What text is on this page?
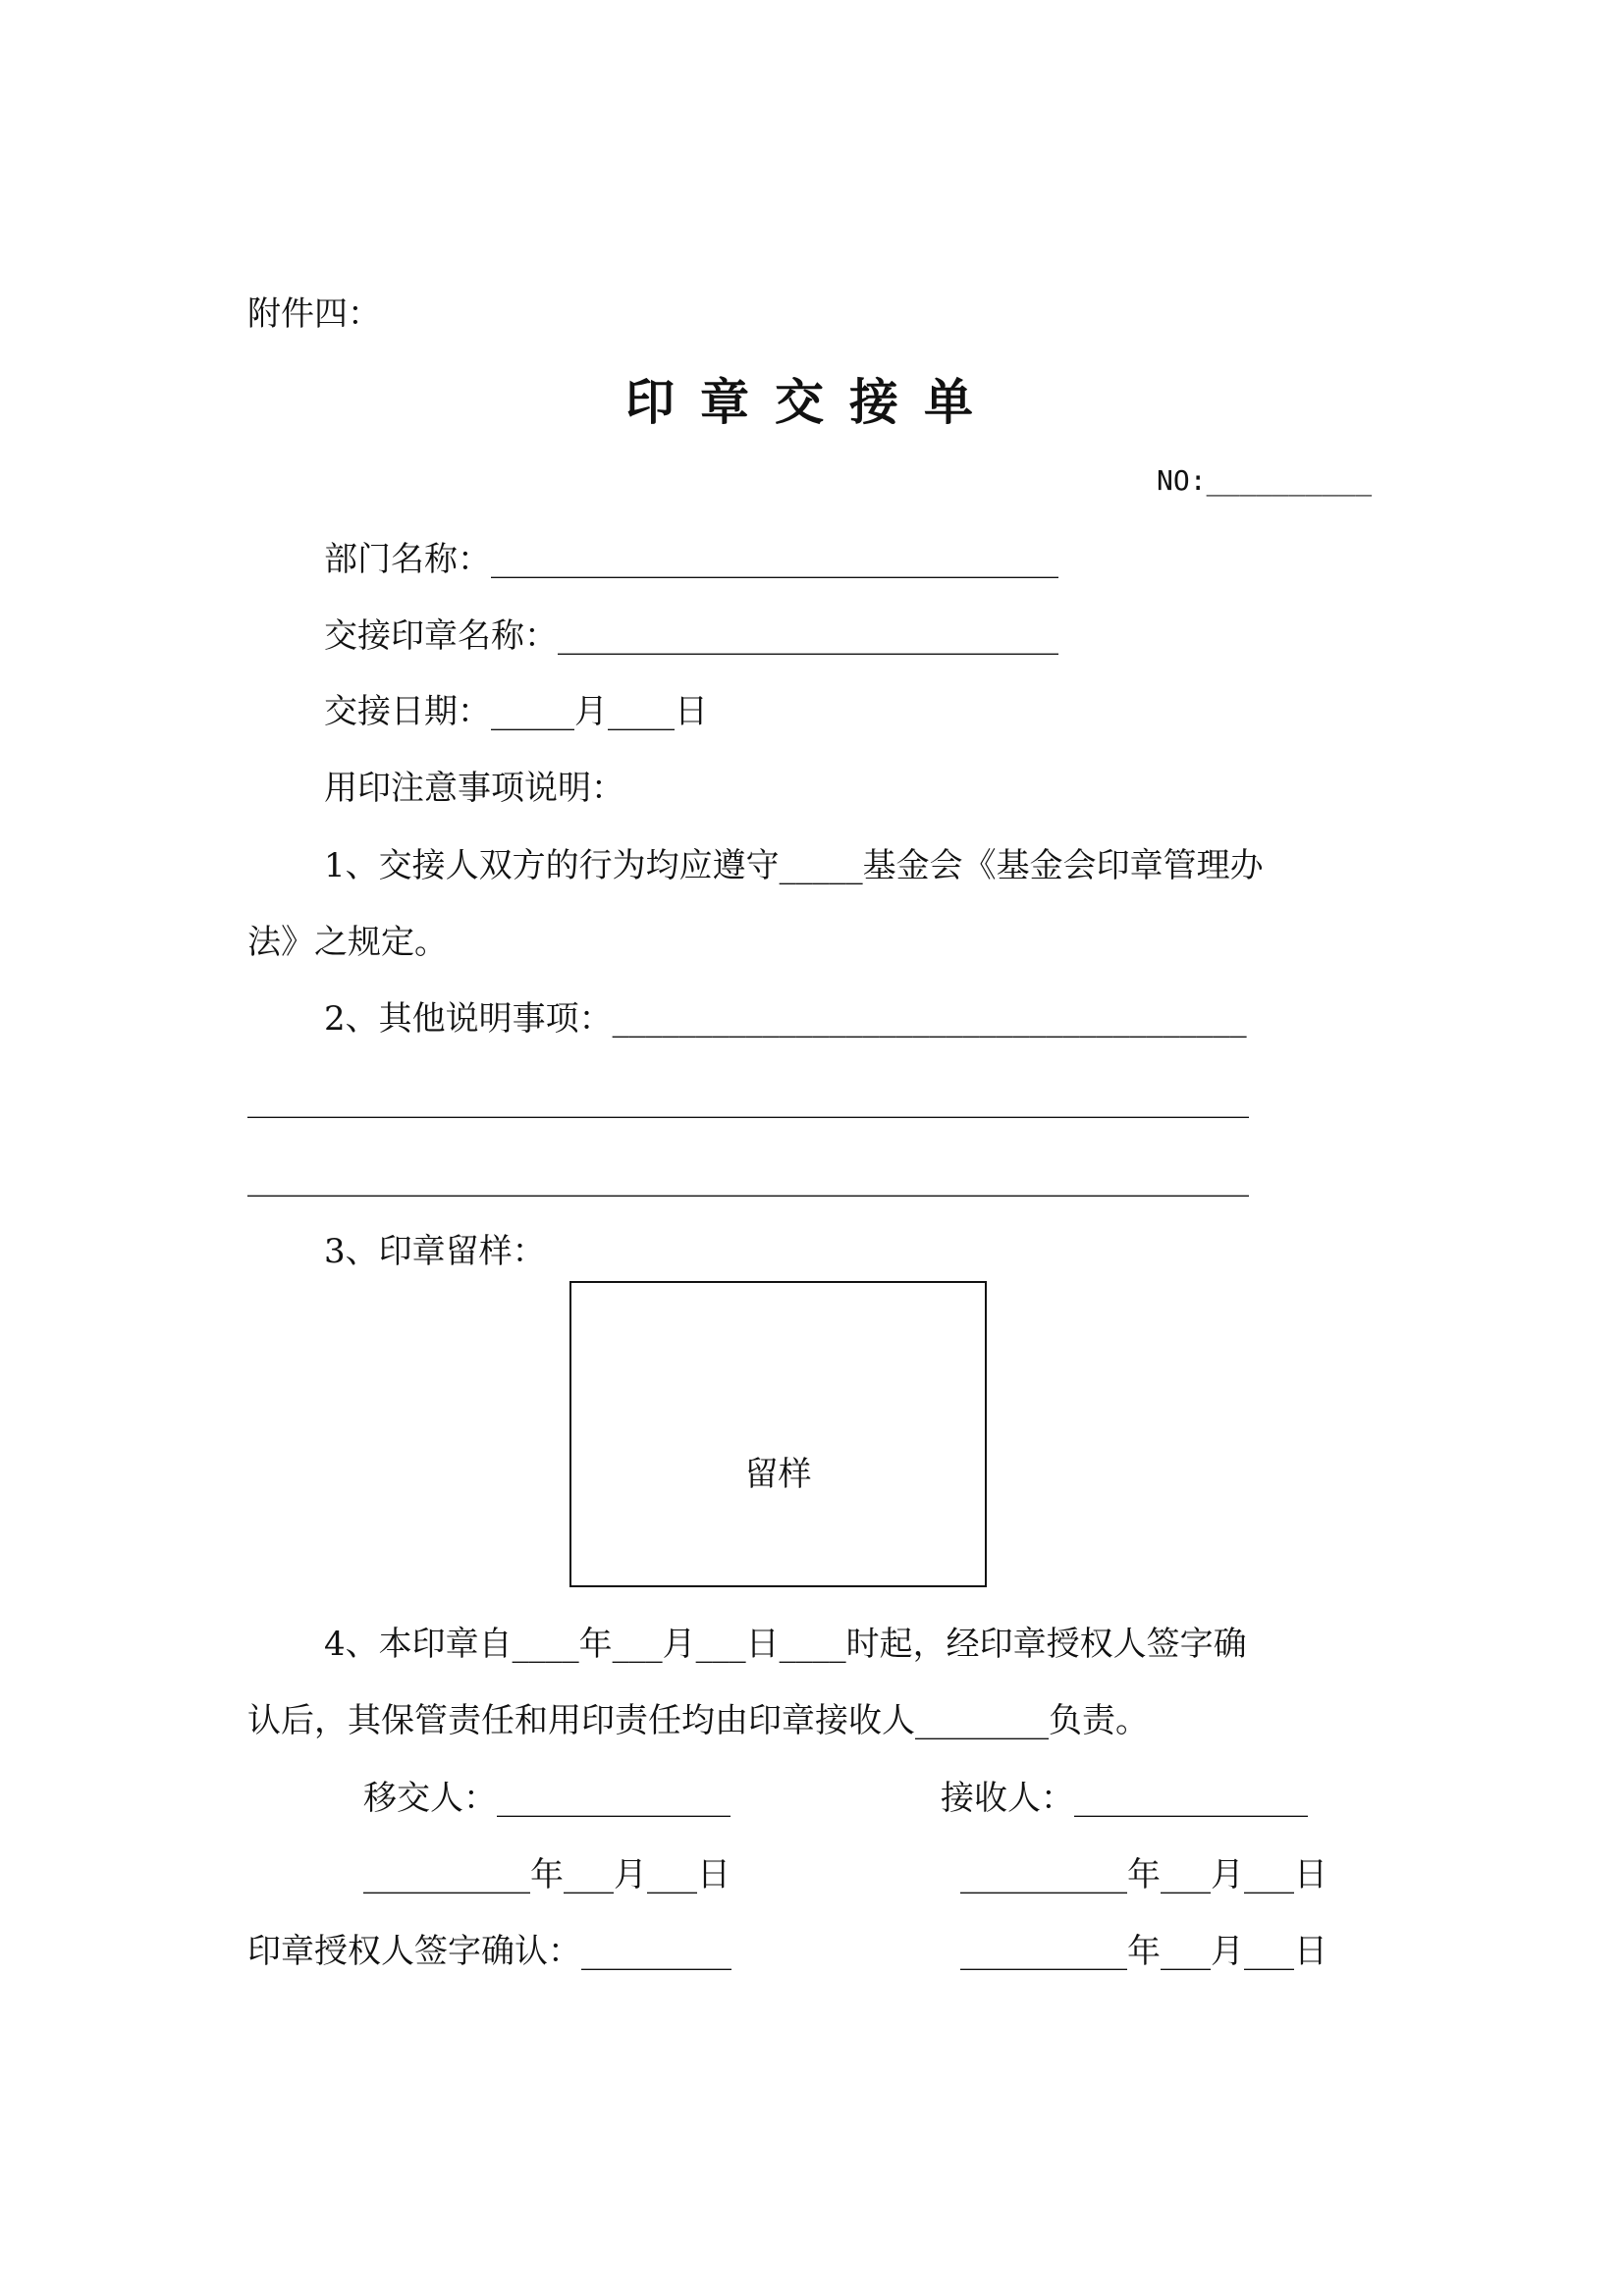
附件四：
印章交接单
NO:__________
部门名称：__________________________________
交接印章名称：______________________________
交接日期：_____月____日
用印注意事项说明：
1、交接人双方的行为均应遵守_____基金会《基金会印章管理办
法》之规定。
2、其他说明事项：______________________________________
____________________________________________________________
____________________________________________________________
3、印章留样：
留样
4、本印章自____年___月___日____时起，经印章授权人签字确
认后，其保管责任和用印责任均由印章接收人________负责。
移交人：______________	接收人：______________
__________年___月___日	__________年___月___日
印章授权人签字确认：_________	__________年___月___日
